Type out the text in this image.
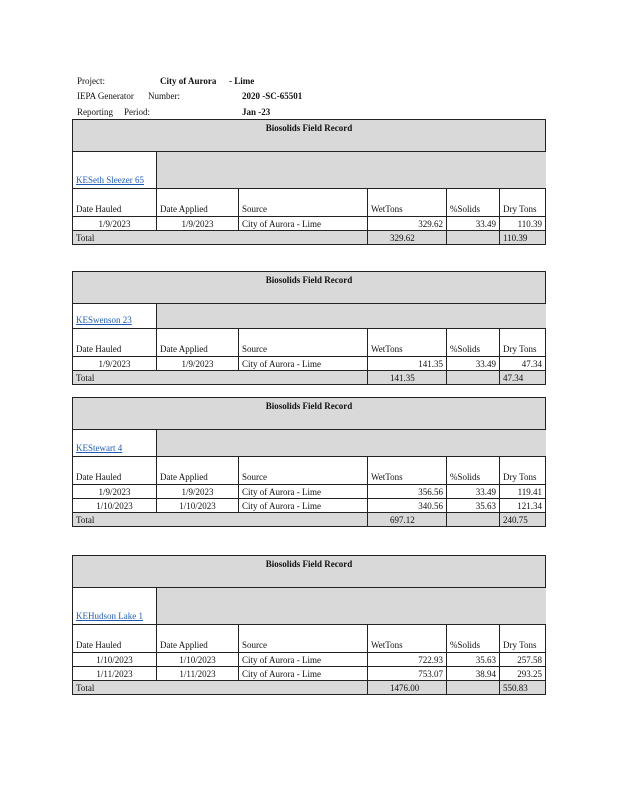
Project:	City of Aurora - Lime
IEPA Generator Number:	2020 -SC-65501
Reporting Period:	Jan -23
Biosolids Field Record					

KESeth Sleezer 65					

Date Hauled	Date Applied	Source	WetTons	%Solids	Dry Tons
1/9/2023	1/9/2023	City of Aurora - Lime	329.62	33.49	110.39
Total			329.62		110.39
Biosolids Field Record					

KESwenson 23					

Date Hauled	Date Applied	Source	WetTons	%Solids	Dry Tons
1/9/2023	1/9/2023	City of Aurora - Lime	141.35	33.49	47.34
Total			141.35		47.34
Biosolids Field Record					

KEStewart 4					

Date Hauled	Date Applied	Source	WetTons	%Solids	Dry Tons
1/9/2023	1/9/2023	City of Aurora - Lime	356.56	33.49	119.41
1/10/2023	1/10/2023	City of Aurora - Lime	340.56	35.63	121.34
Total			697.12		240.75
Biosolids Field Record					

KEHudson Lake 1					

Date Hauled	Date Applied	Source	WetTons	%Solids	Dry Tons
1/10/2023	1/10/2023	City of Aurora - Lime	722.93	35.63	257.58
1/11/2023	1/11/2023	City of Aurora - Lime	753.07	38.94	293.25
Total			1476.00		550.83
